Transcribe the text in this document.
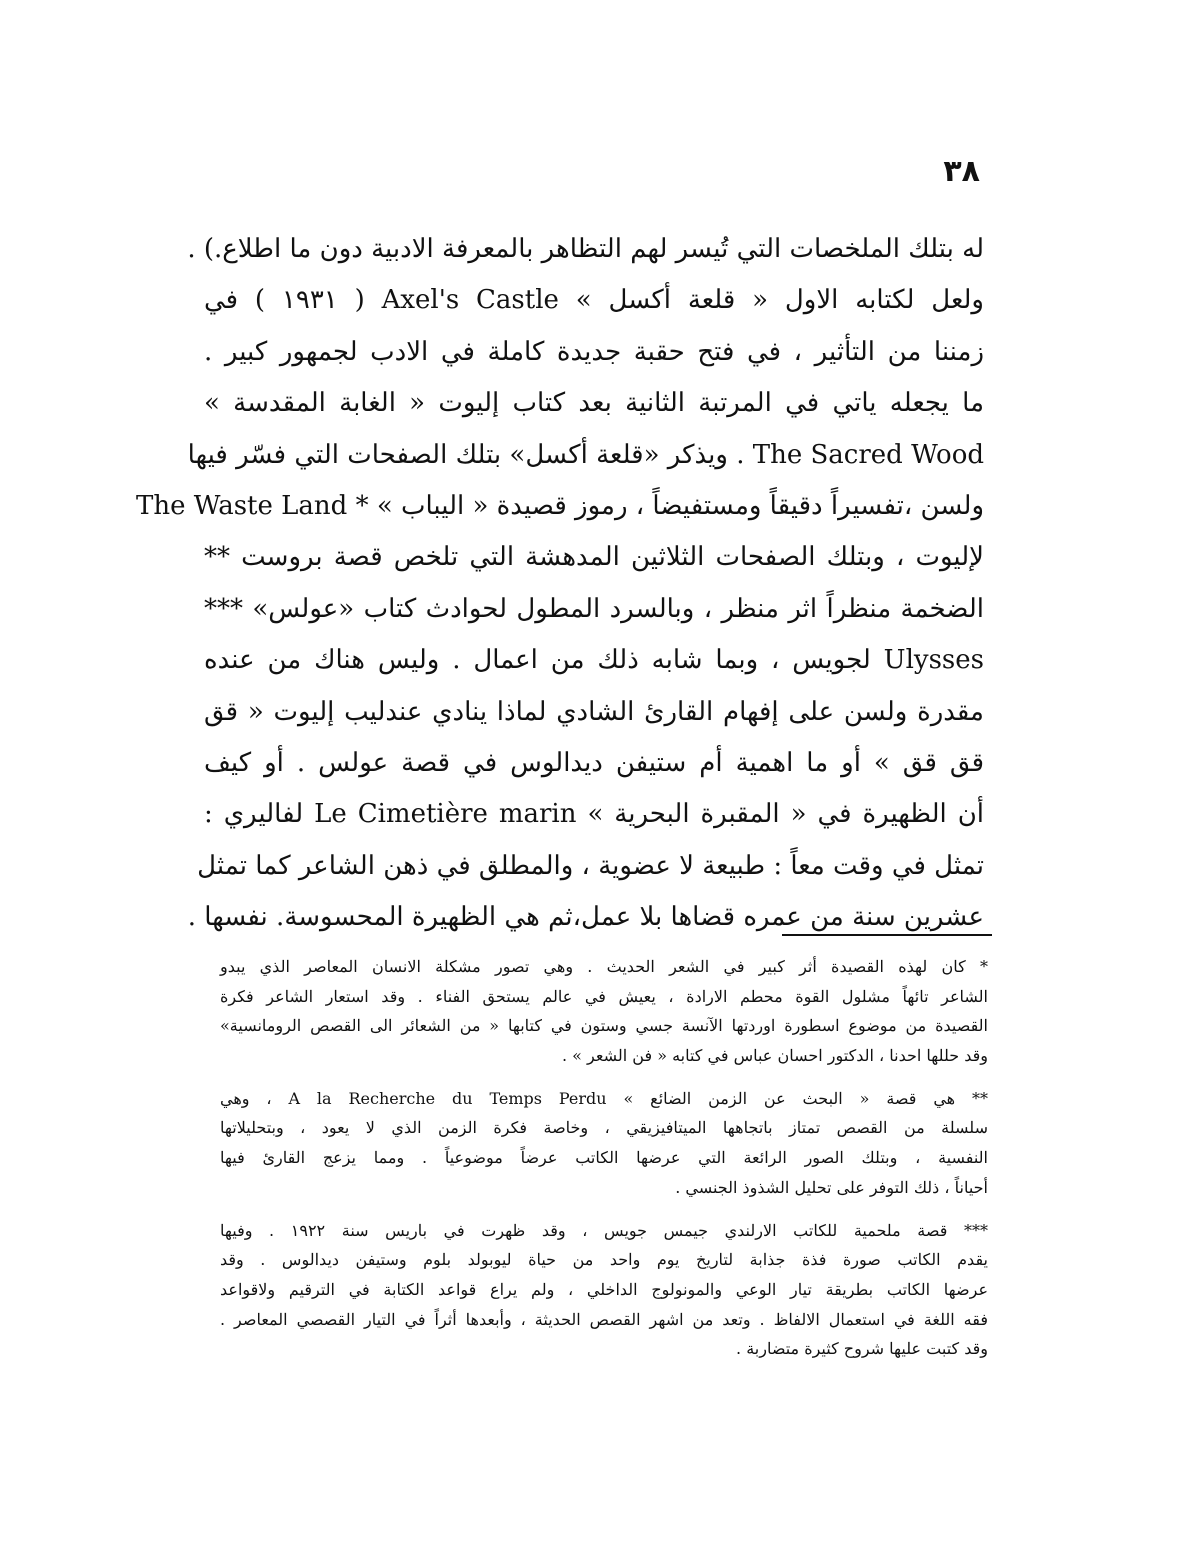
٣٨
له بتلك الملخصات التي تُيسر لهم التظاهر بالمعرفة الادبية دون ما اطلاع.) .
ولعل لكتابه الاول « قلعة أكسل » Axel's Castle ( ١٩٣١ ) في
زمننا من التأثير ، في فتح حقبة جديدة كاملة في الادب لجمهور كبير .
ما يجعله ياتي في المرتبة الثانية بعد كتاب إليوت « الغابة المقدسة »
The Sacred Wood . ويذكر «قلعة أكسل» بتلك الصفحات التي فسّر فيها
ولسن ،تفسيراً دقيقاً ومستفيضاً ، رموز قصيدة « اليباب » * The Waste Land
لإليوت ، وبتلك الصفحات الثلاثين المدهشة التي تلخص قصة بروست **
الضخمة منظراً اثر منظر ، وبالسرد المطول لحوادث كتاب «عولس» ***
Ulysses لجويس ، وبما شابه ذلك من اعمال . وليس هناك من عنده
مقدرة ولسن على إفهام القارئ الشادي لماذا ينادي عندليب إليوت « قق
قق قق » أو ما اهمية أم ستيفن ديدالوس في قصة عولس . أو كيف
أن الظهيرة في « المقبرة البحرية » Le Cimetière marin لفاليري :
تمثل في وقت معاً : طبيعة لا عضوية ، والمطلق في ذهن الشاعر كما تمثل
عشرين سنة من عمره قضاها بلا عمل،ثم هي الظهيرة المحسوسة. نفسها .
* كان لهذه القصيدة أثر كبير في الشعر الحديث . وهي تصور مشكلة الانسان المعاصر الذي يبدو
الشاعر تائهاً مشلول القوة محطم الارادة ، يعيش في عالم يستحق الفناء . وقد استعار الشاعر فكرة
القصيدة من موضوع اسطورة اوردتها الآنسة جسي وستون في كتابها « من الشعائر الى القصص الرومانسية»
وقد حللها احدنا ، الدكتور احسان عباس في كتابه « فن الشعر » .
** هي قصة « البحث عن الزمن الضائع » A la Recherche du Temps Perdu ، وهي
سلسلة من القصص تمتاز باتجاهها الميتافيزيقي ، وخاصة فكرة الزمن الذي لا يعود ، وبتحليلاتها
النفسية ، وبتلك الصور الرائعة التي عرضها الكاتب عرضاً موضوعياً . ومما يزعج القارئ فيها
أحياناً ، ذلك التوفر على تحليل الشذوذ الجنسي .
*** قصة ملحمية للكاتب الارلندي جيمس جويس ، وقد ظهرت في باريس سنة ١٩٢٢ . وفيها
يقدم الكاتب صورة فذة جذابة لتاريخ يوم واحد من حياة ليوبولد بلوم وستيفن ديدالوس . وقد
عرضها الكاتب بطريقة تيار الوعي والمونولوج الداخلي ، ولم يراع قواعد الكتابة في الترقيم ولاقواعد
فقه اللغة في استعمال الالفاظ . وتعد من اشهر القصص الحديثة ، وأبعدها أثراً في التيار القصصي المعاصر .
وقد كتبت عليها شروح كثيرة متضاربة .
